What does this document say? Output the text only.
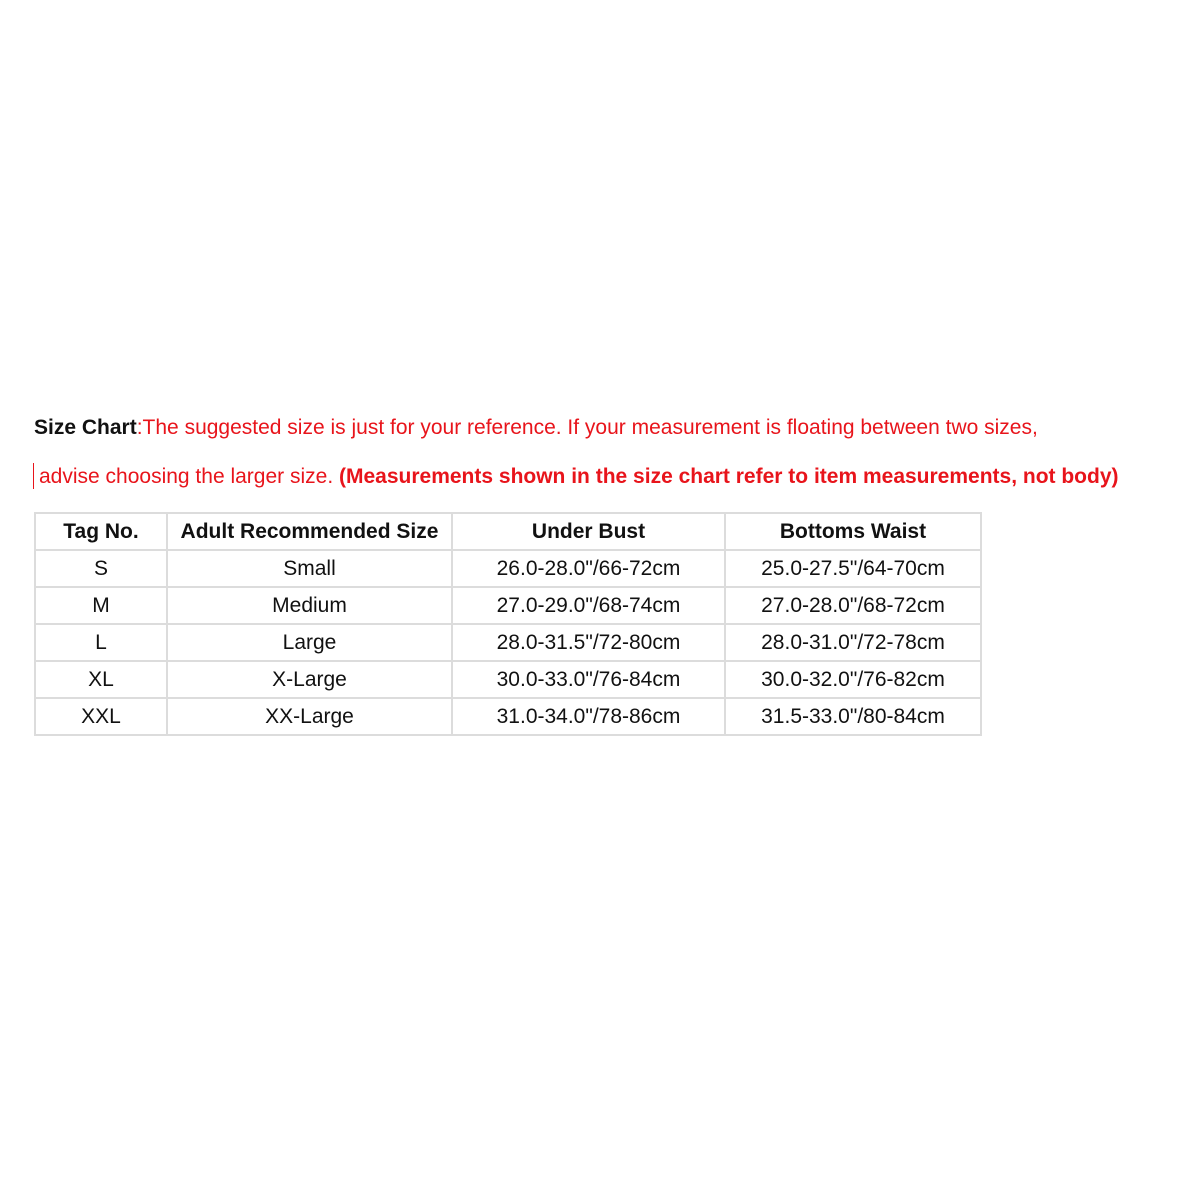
Size Chart:The suggested size is just for your reference. If your measurement is floating between two sizes,
advise choosing the larger size. (Measurements shown in the size chart refer to item measurements, not body)
Tag No.	Adult Recommended Size	Under Bust	Bottoms Waist
S	Small	26.0-28.0"/66-72cm	25.0-27.5"/64-70cm
M	Medium	27.0-29.0"/68-74cm	27.0-28.0"/68-72cm
L	Large	28.0-31.5"/72-80cm	28.0-31.0"/72-78cm
XL	X-Large	30.0-33.0"/76-84cm	30.0-32.0"/76-82cm
XXL	XX-Large	31.0-34.0"/78-86cm	31.5-33.0"/80-84cm
